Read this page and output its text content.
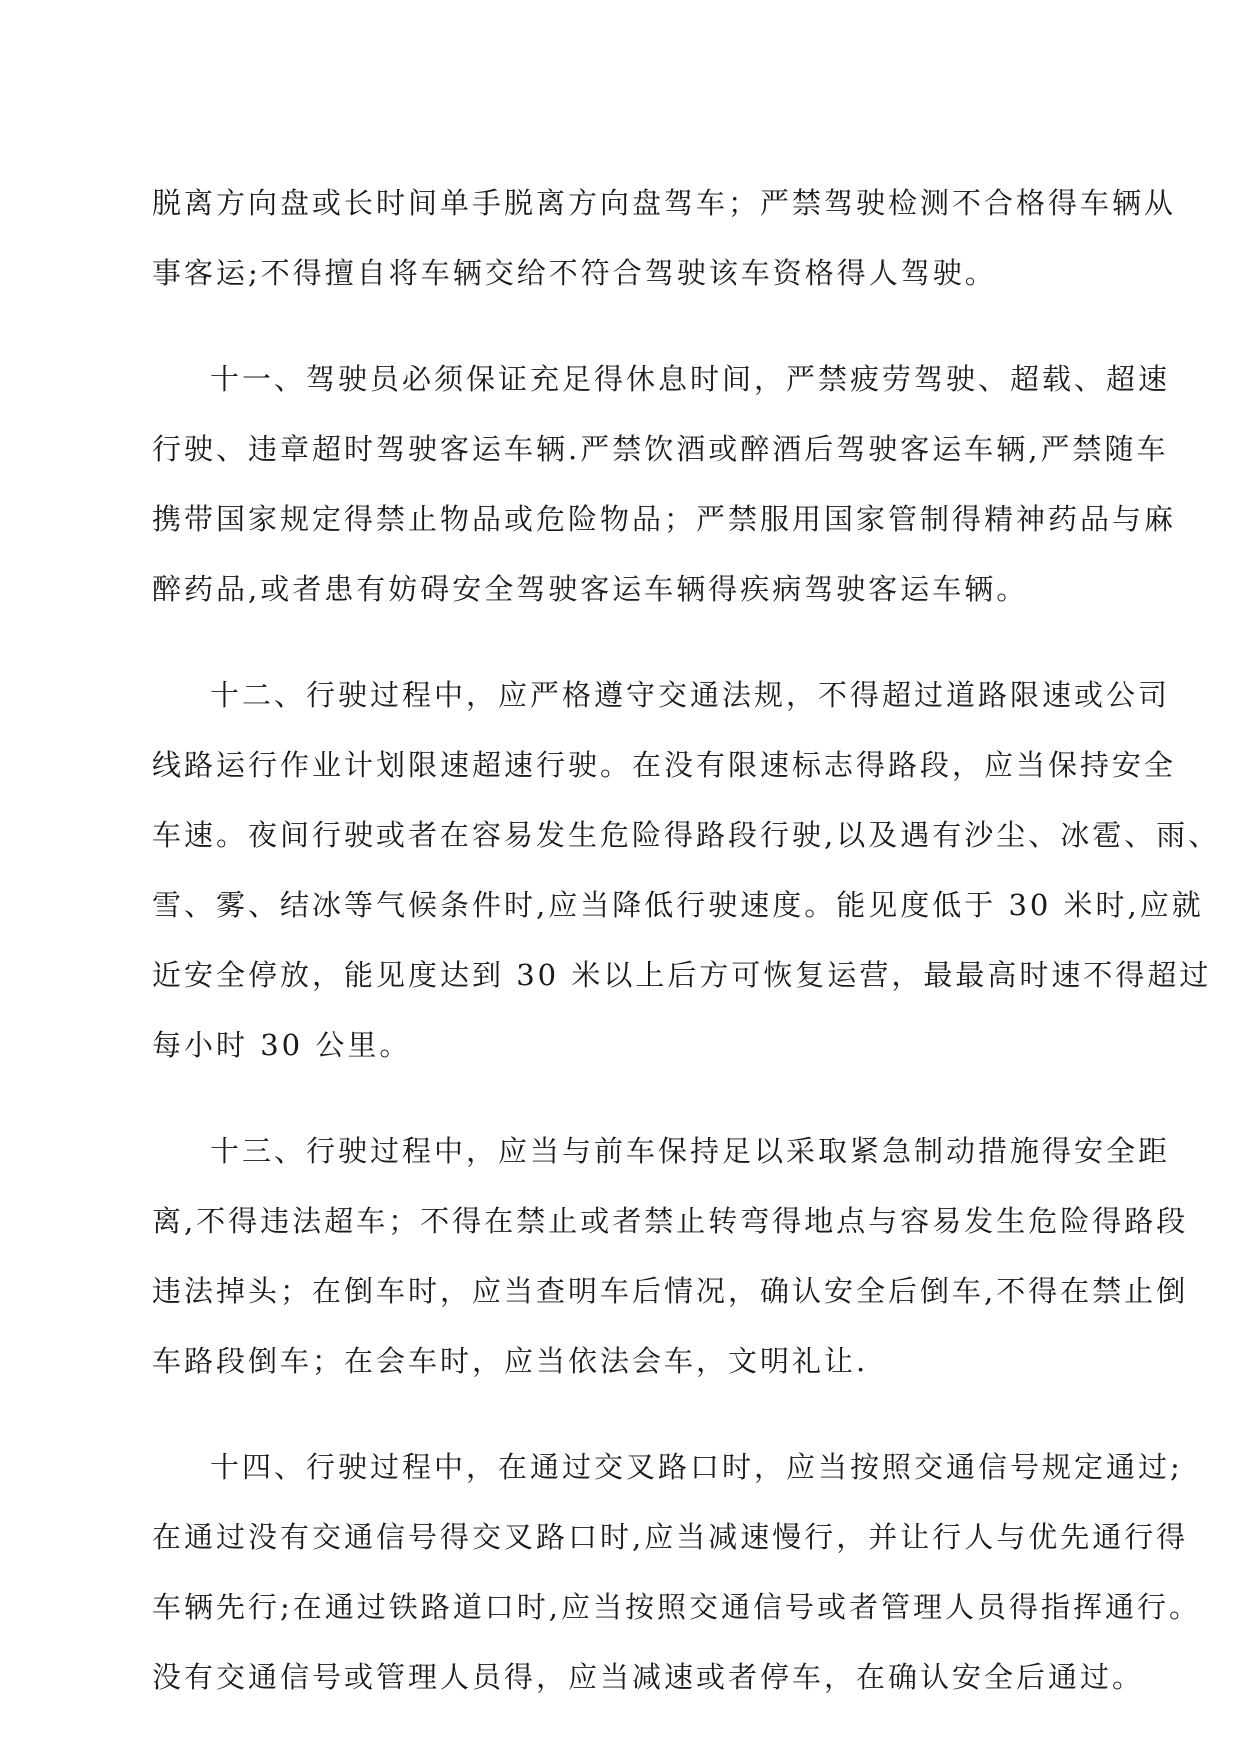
脱离方向盘或长时间单手脱离方向盘驾车；严禁驾驶检测不合格得车辆从
事客运;不得擅自将车辆交给不符合驾驶该车资格得人驾驶。
十一、驾驶员必须保证充足得休息时间，严禁疲劳驾驶、超载、超速
行驶、违章超时驾驶客运车辆.严禁饮酒或醉酒后驾驶客运车辆,严禁随车
携带国家规定得禁止物品或危险物品；严禁服用国家管制得精神药品与麻
醉药品,或者患有妨碍安全驾驶客运车辆得疾病驾驶客运车辆。
十二、行驶过程中，应严格遵守交通法规，不得超过道路限速或公司
线路运行作业计划限速超速行驶。在没有限速标志得路段，应当保持安全
车速。夜间行驶或者在容易发生危险得路段行驶,以及遇有沙尘、冰雹、雨、
雪、雾、结冰等气候条件时,应当降低行驶速度。能见度低于 30 米时,应就
近安全停放，能见度达到 30 米以上后方可恢复运营，最最高时速不得超过
每小时 30 公里。
十三、行驶过程中，应当与前车保持足以采取紧急制动措施得安全距
离,不得违法超车；不得在禁止或者禁止转弯得地点与容易发生危险得路段
违法掉头；在倒车时，应当查明车后情况，确认安全后倒车,不得在禁止倒
车路段倒车；在会车时，应当依法会车，文明礼让.
十四、行驶过程中，在通过交叉路口时，应当按照交通信号规定通过;
在通过没有交通信号得交叉路口时,应当减速慢行，并让行人与优先通行得
车辆先行;在通过铁路道口时,应当按照交通信号或者管理人员得指挥通行。
没有交通信号或管理人员得，应当减速或者停车，在确认安全后通过。
